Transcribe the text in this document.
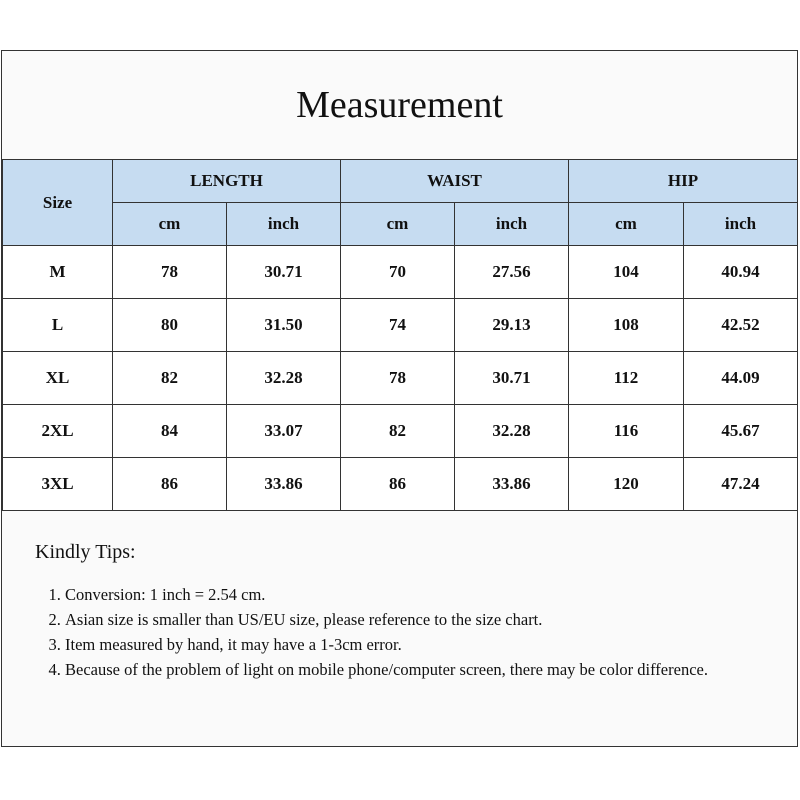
Measurement
Size	LENGTH		WAIST		HIP	
	cm	inch	cm	inch	cm	inch
M	78	30.71	70	27.56	104	40.94
L	80	31.50	74	29.13	108	42.52
XL	82	32.28	78	30.71	112	44.09
2XL	84	33.07	82	32.28	116	45.67
3XL	86	33.86	86	33.86	120	47.24
Kindly Tips:
1. Conversion: 1 inch = 2.54 cm.
2. Asian size is smaller than US/EU size, please reference to the size chart.
3. Item measured by hand, it may have a 1-3cm error.
4. Because of the problem of light on mobile phone/computer screen, there may be color difference.
